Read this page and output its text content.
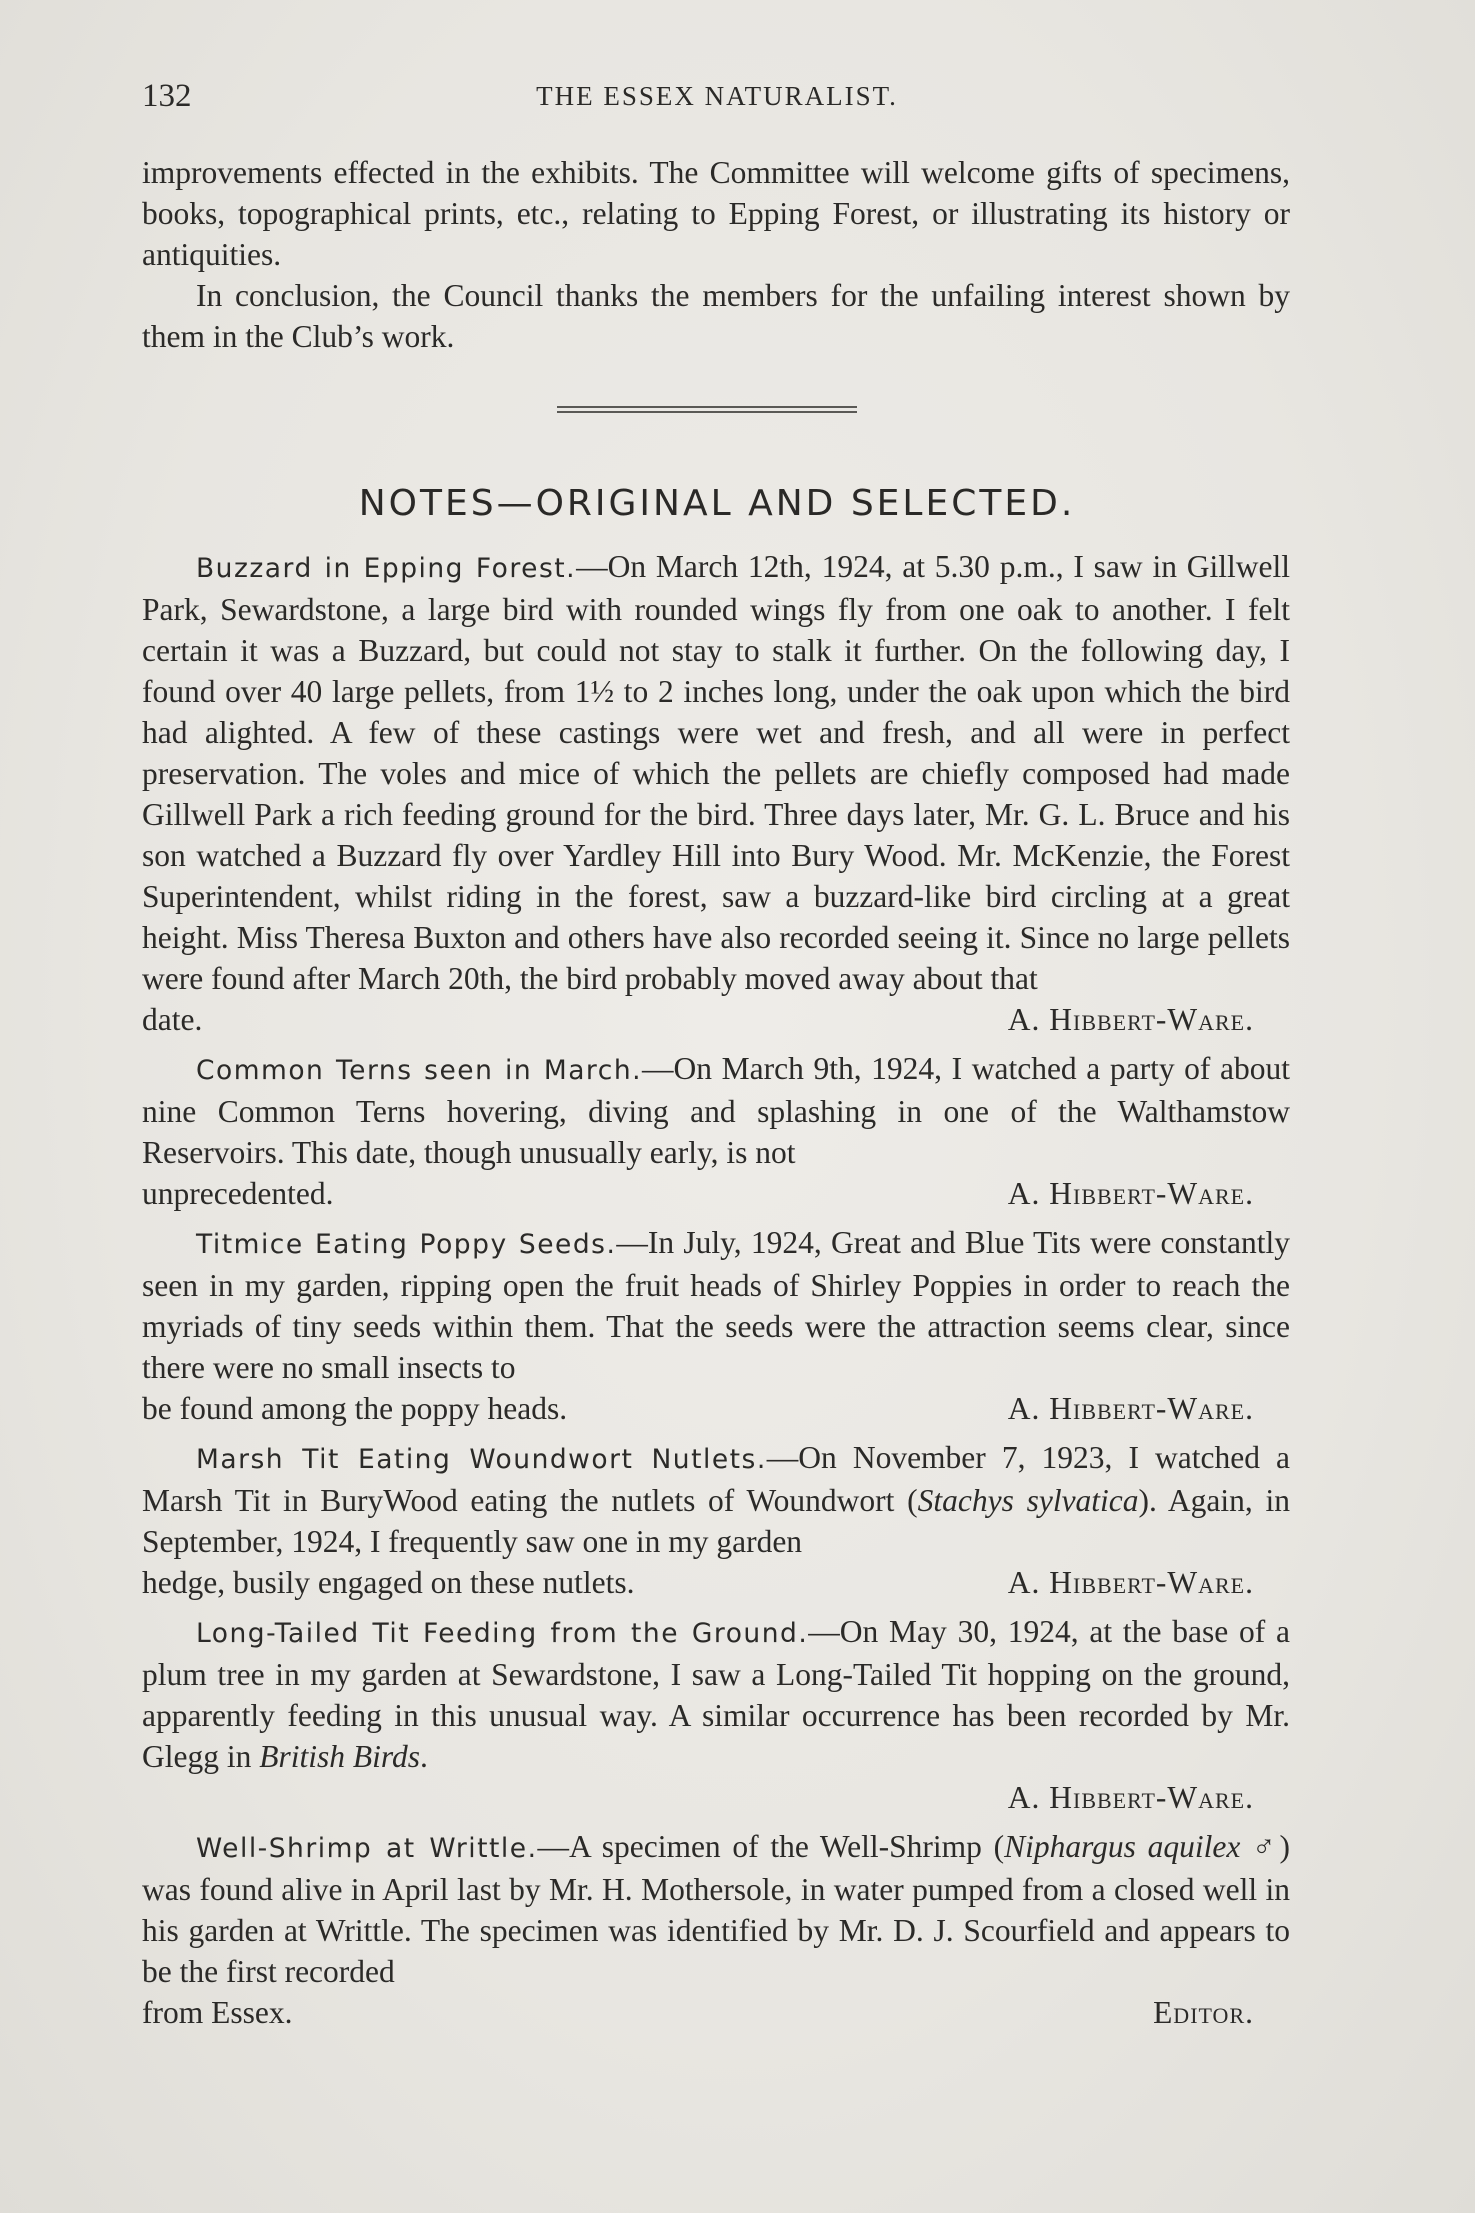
132	THE ESSEX NATURALIST.

improvements effected in the exhibits. The Committee will welcome gifts of specimens, books, topographical prints, etc., relating to Epping Forest, or illustrating its history or antiquities.

In conclusion, the Council thanks the members for the unfailing interest shown by them in the Club’s work.

NOTES—ORIGINAL AND SELECTED.

Buzzard in Epping Forest.—On March 12th, 1924, at 5.30 p.m., I saw in Gillwell Park, Sewardstone, a large bird with rounded wings fly from one oak to another. I felt certain it was a Buzzard, but could not stay to stalk it further. On the following day, I found over 40 large pellets, from 1½ to 2 inches long, under the oak upon which the bird had alighted. A few of these castings were wet and fresh, and all were in perfect preservation. The voles and mice of which the pellets are chiefly composed had made Gillwell Park a rich feeding ground for the bird. Three days later, Mr. G. L. Bruce and his son watched a Buzzard fly over Yardley Hill into Bury Wood. Mr. McKenzie, the Forest Superintendent, whilst riding in the forest, saw a buzzard-like bird circling at a great height. Miss Theresa Buxton and others have also recorded seeing it. Since no large pellets were found after March 20th, the bird probably moved away about that

date.	A. Hibbert-Ware.

Common Terns seen in March.—On March 9th, 1924, I watched a party of about nine Common Terns hovering, diving and splashing in one of the Walthamstow Reservoirs. This date, though unusually early, is not

unprecedented.	A. Hibbert-Ware.

Titmice Eating Poppy Seeds.—In July, 1924, Great and Blue Tits were constantly seen in my garden, ripping open the fruit heads of Shirley Poppies in order to reach the myriads of tiny seeds within them. That the seeds were the attraction seems clear, since there were no small insects to

be found among the poppy heads.	A. Hibbert-Ware.

Marsh Tit Eating Woundwort Nutlets.—On November 7, 1923, I watched a Marsh Tit in BuryWood eating the nutlets of Woundwort (Stachys sylvatica). Again, in September, 1924, I frequently saw one in my garden

hedge, busily engaged on these nutlets.	A. Hibbert-Ware.

Long-Tailed Tit Feeding from the Ground.—On May 30, 1924, at the base of a plum tree in my garden at Sewardstone, I saw a Long-Tailed Tit hopping on the ground, apparently feeding in this unusual way. A similar occurrence has been recorded by Mr. Glegg in British Birds.

A. Hibbert-Ware.

Well-Shrimp at Writtle.—A specimen of the Well-Shrimp (Niphargus aquilex ♂) was found alive in April last by Mr. H. Mothersole, in water pumped from a closed well in his garden at Writtle. The specimen was identified by Mr. D. J. Scourfield and appears to be the first recorded

from Essex.	Editor.
